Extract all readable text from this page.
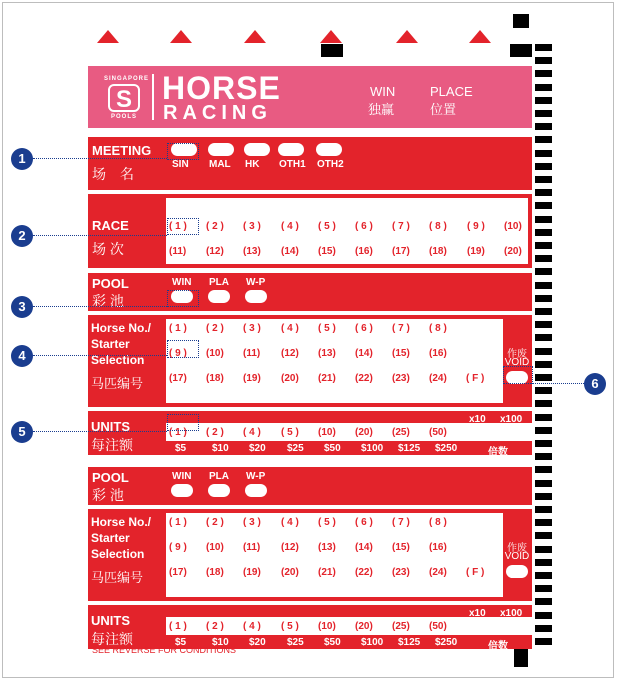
SINGAPORE
S
POOLS
HORSE
RACING
WIN
独赢
PLACE
位置
MEETING
场　名
SIN MAL HK OTH1 OTH2
RACE
场 次
( 1 ) ( 2 ) ( 3 ) ( 4 ) ( 5 ) ( 6 ) ( 7 ) ( 8 ) ( 9 ) (10)
(11) (12) (13) (14) (15) (16) (17) (18) (19) (20)
POOL
彩 池
WIN PLA W-P
Horse No./
Starter
Selection
马匹编号
( 1 ) ( 2 ) ( 3 ) ( 4 ) ( 5 ) ( 6 ) ( 7 ) ( 8 )
( 9 ) (10) (11) (12) (13) (14) (15) (16)
(17) (18) (19) (20) (21) (22) (23) (24) ( F )
作废
VOID
UNITS
每注额
x10 x100
倍数
( 1 ) ( 2 ) ( 4 ) ( 5 ) (10) (20) (25) (50) ( )	( )
$5	$10 $20 $25 $50 $100 $125 $250
POOL
彩 池
WIN PLA W-P
Horse No./
Starter
Selection
马匹编号
( 1 ) ( 2 ) ( 3 ) ( 4 ) ( 5 ) ( 6 ) ( 7 ) ( 8 )
( 9 ) (10) (11) (12) (13) (14) (15) (16)
(17) (18) (19) (20) (21) (22) (23) (24) ( F )
作废
VOID
UNITS
每注额
x10 x100
倍数
( 1 ) ( 2 ) ( 4 ) ( 5 ) (10) (20) (25) (50) ( )	( )
$5	$10 $20 $25 $50 $100 $125 $250
SEE REVERSE FOR CONDITIONS
1
2
3
4
5
6
